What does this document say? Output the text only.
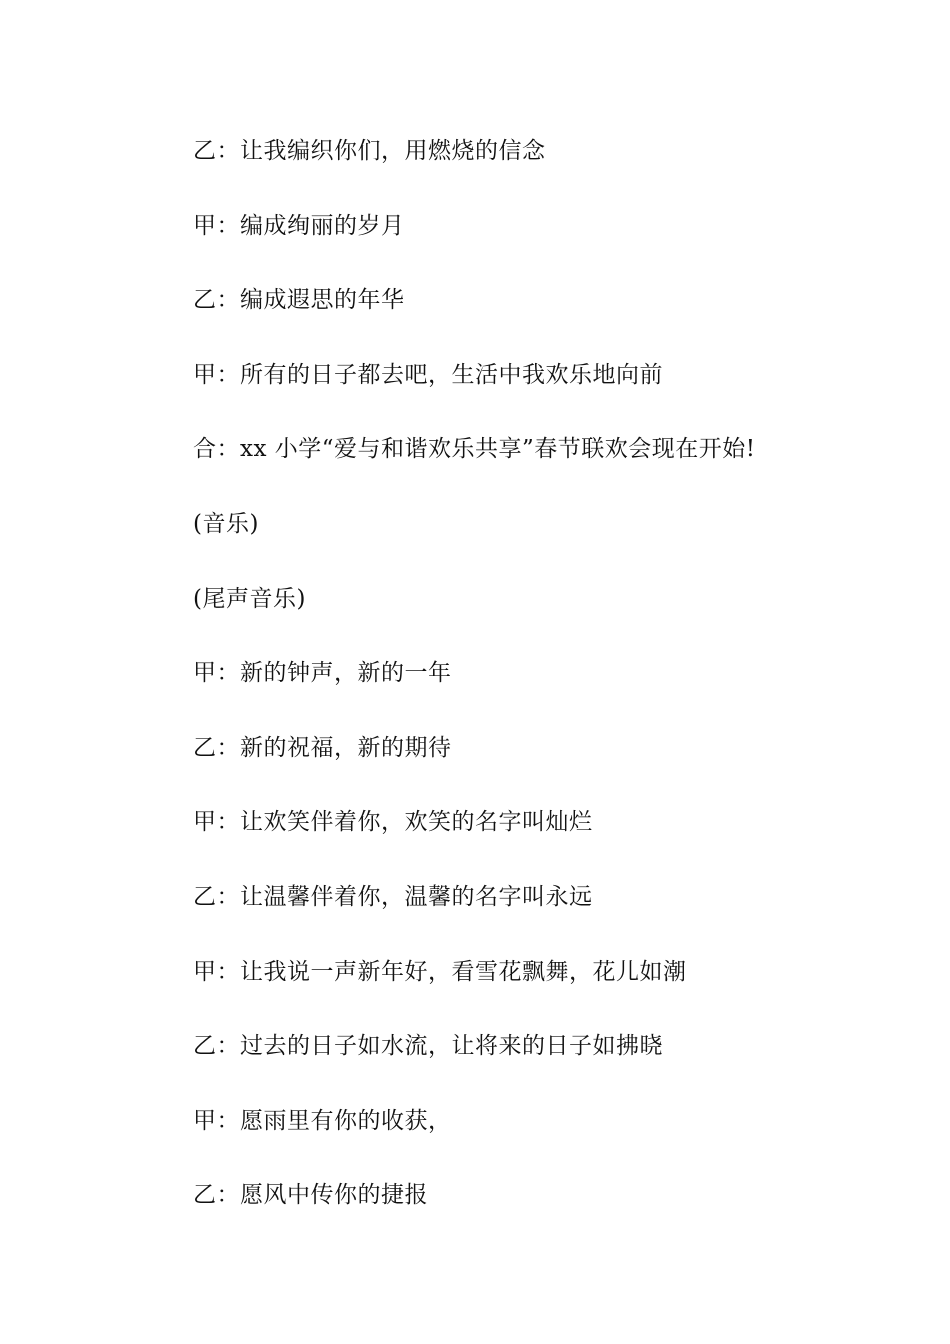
乙：让我编织你们，用燃烧的信念

甲：编成绚丽的岁月

乙：编成遐思的年华

甲：所有的日子都去吧，生活中我欢乐地向前

合：xx 小学“爱与和谐欢乐共享”春节联欢会现在开始!

(音乐)

(尾声音乐)

甲：新的钟声，新的一年

乙：新的祝福，新的期待

甲：让欢笑伴着你，欢笑的名字叫灿烂

乙：让温馨伴着你，温馨的名字叫永远

甲：让我说一声新年好，看雪花飘舞，花儿如潮

乙：过去的日子如水流，让将来的日子如拂晓

甲：愿雨里有你的收获，

乙：愿风中传你的捷报
